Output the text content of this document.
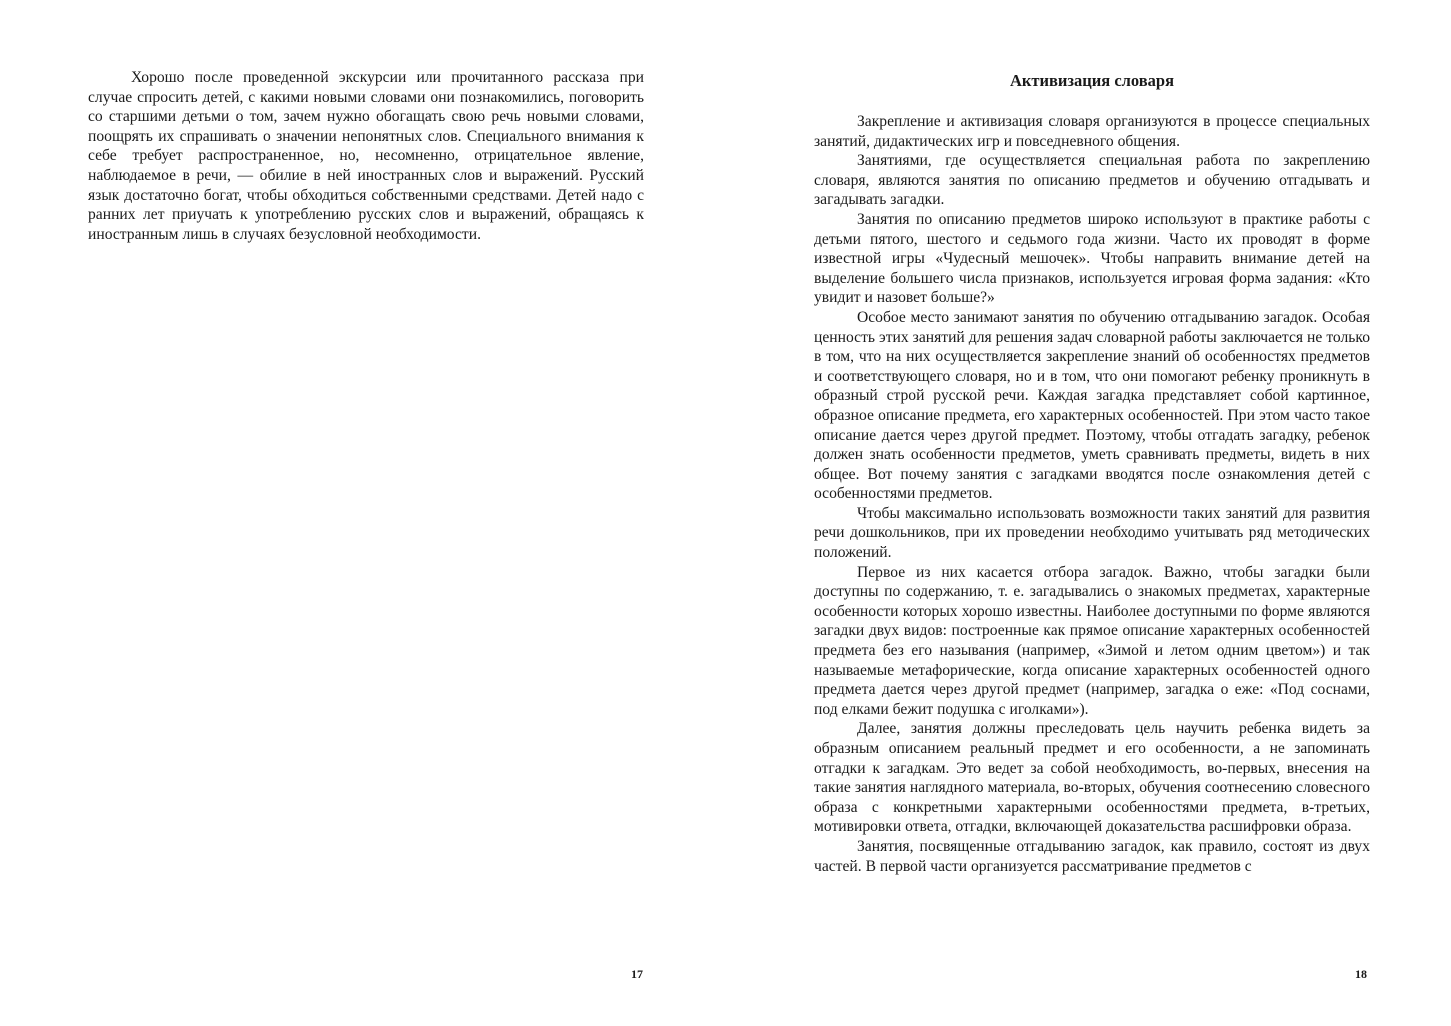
Хорошо после проведенной экскурсии или прочитанного рассказа при случае спросить детей, с какими новыми словами они познакомились, поговорить со старшими детьми о том, зачем нужно обогащать свою речь новыми словами, поощрять их спрашивать о значении непонятных слов. Специального внимания к себе требует распространенное, но, несомненно, отрицательное явление, наблюдаемое в речи, — обилие в ней иностранных слов и выражений. Русский язык достаточно богат, чтобы обходиться собственными средствами. Детей надо с ранних лет приучать к употреблению русских слов и выражений, обращаясь к иностранным лишь в случаях безусловной необходимости.

17
Активизация словаря

Закрепление и активизация словаря организуются в процессе специальных занятий, дидактических игр и повседневного общения.

Занятиями, где осуществляется специальная работа по закреплению словаря, являются занятия по описанию предметов и обучению отгадывать и загадывать загадки.

Занятия по описанию предметов широко используют в практике работы с детьми пятого, шестого и седьмого года жизни. Часто их проводят в форме известной игры «Чудесный мешочек». Чтобы направить внимание детей на выделение большего числа признаков, используется игровая форма задания: «Кто увидит и назовет больше?»

Особое место занимают занятия по обучению отгадыванию загадок. Особая ценность этих занятий для решения задач словарной работы заключается не только в том, что на них осуществляется закрепление знаний об особенностях предметов и соответствующего словаря, но и в том, что они помогают ребенку проникнуть в образный строй русской речи. Каждая загадка представляет собой картинное, образное описание предмета, его характерных особенностей. При этом часто такое описание дается через другой предмет. Поэтому, чтобы отгадать загадку, ребенок должен знать особенности предметов, уметь сравнивать предметы, видеть в них общее. Вот почему занятия с загадками вводятся после ознакомления детей с особенностями предметов.

Чтобы максимально использовать возможности таких занятий для развития речи дошкольников, при их проведении необходимо учитывать ряд методических положений.

Первое из них касается отбора загадок. Важно, чтобы загадки были доступны по содержанию, т. е. загадывались о знакомых предметах, характерные особенности которых хорошо известны. Наиболее доступными по форме являются загадки двух видов: построенные как прямое описание характерных особенностей предмета без его называния (например, «Зимой и летом одним цветом») и так называемые метафорические, когда описание характерных особенностей одного предмета дается через другой предмет (например, загадка о еже: «Под соснами, под елками бежит подушка с иголками»).

Далее, занятия должны преследовать цель научить ребенка видеть за образным описанием реальный предмет и его особенности, а не запоминать отгадки к загадкам. Это ведет за собой необходимость, во-первых, внесения на такие занятия наглядного материала, во-вторых, обучения соотнесению словесного образа с конкретными характерными особенностями предмета, в-третьих, мотивировки ответа, отгадки, включающей доказательства расшифровки образа.

Занятия, посвященные отгадыванию загадок, как правило, состоят из двух частей. В первой части организуется рассматривание предметов с

18
